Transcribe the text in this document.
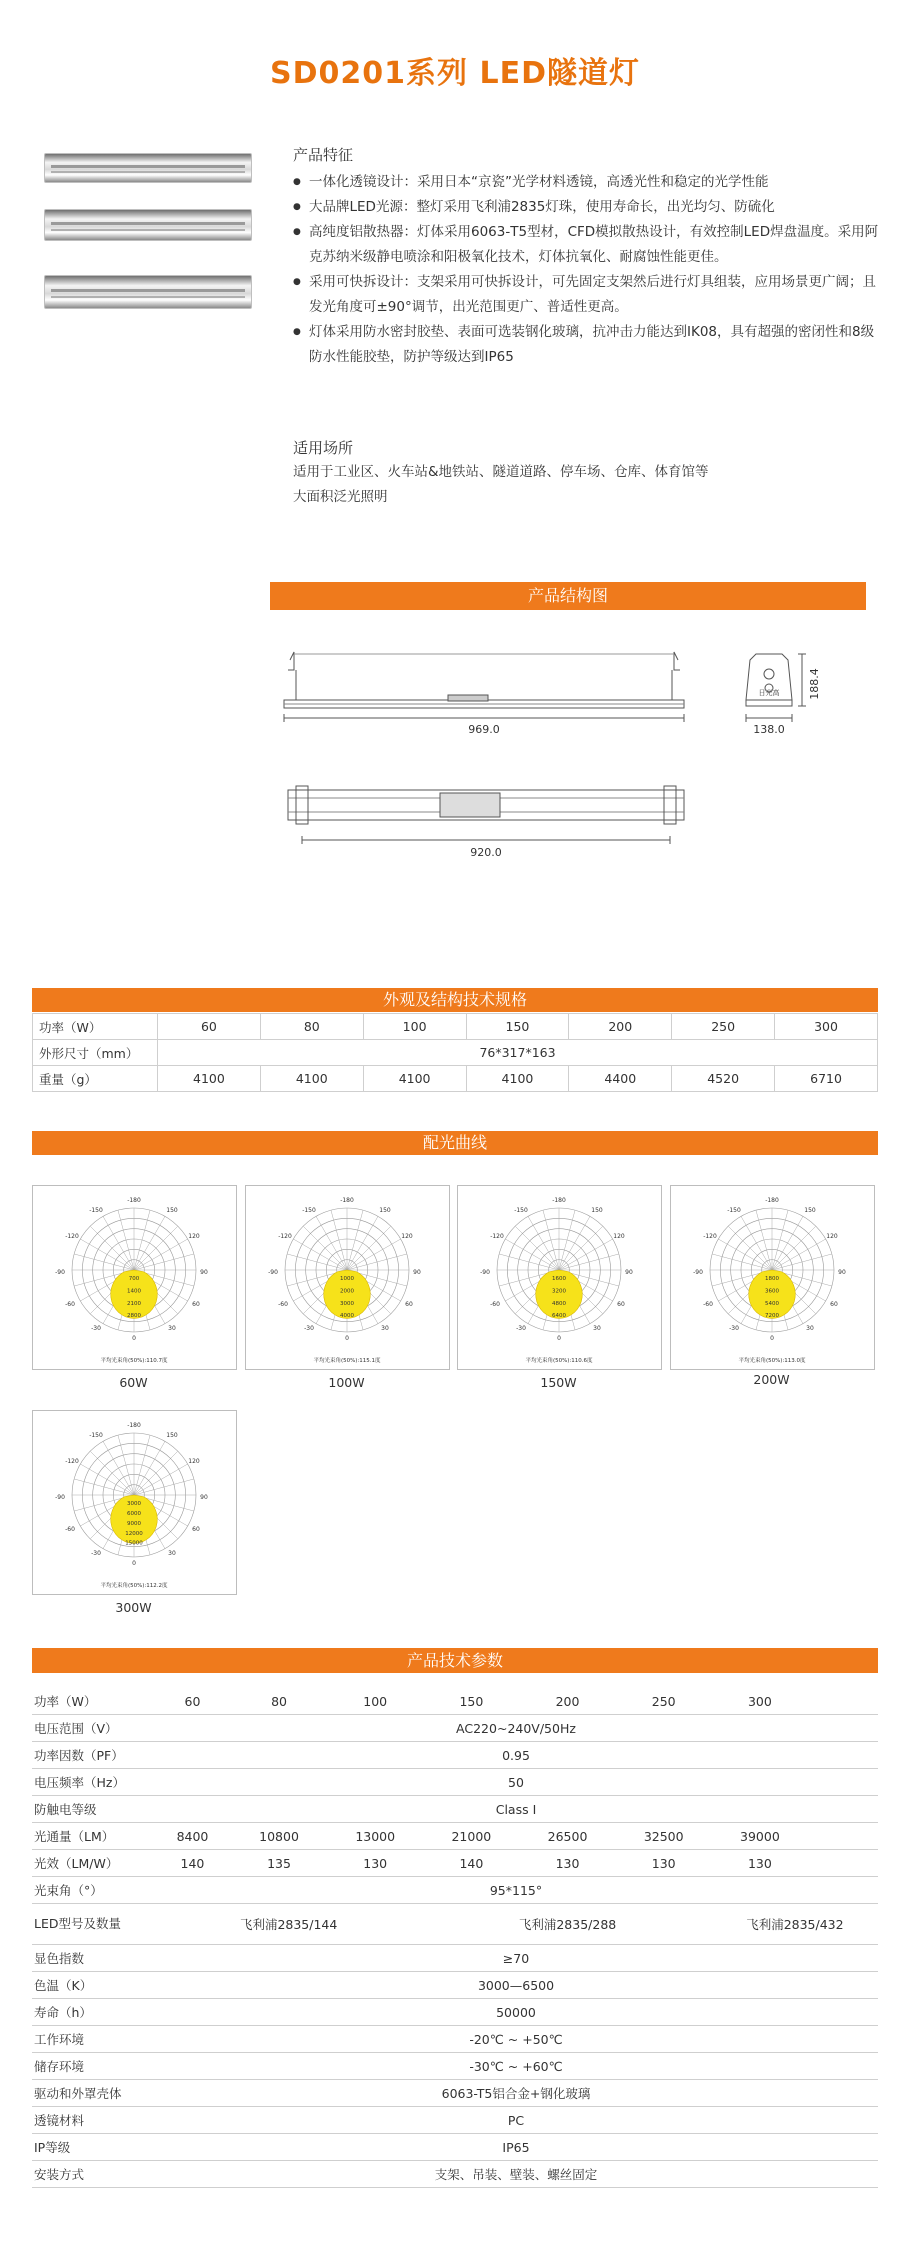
SD0201系列 LED隧道灯
产品特征
● 一体化透镜设计：采用日本“京瓷”光学材料透镜，高透光性和稳定的光学性能
● 大品牌LED光源：整灯采用飞利浦2835灯珠，使用寿命长，出光均匀、防硫化
● 高纯度铝散热器：灯体采用6063-T5型材，CFD模拟散热设计，有效控制LED焊盘温度。采用阿克苏纳米级静电喷涂和阳极氧化技术，灯体抗氧化、耐腐蚀性能更佳。
● 采用可快拆设计：支架采用可快拆设计，可先固定支架然后进行灯具组装，应用场景更广阔；且发光角度可±90°调节，出光范围更广、普适性更高。
● 灯体采用防水密封胶垫、表面可选装钢化玻璃，抗冲击力能达到IK08，具有超强的密闭性和8级防水性能胶垫，防护等级达到IP65
适用场所
适用于工业区、火车站&地铁站、隧道道路、停车场、仓库、体育馆等
大面积泛光照明
产品结构图
969.0	138.0
188.4
920.0
日光高
外观及结构技术规格
功率（W）	60	80	100	150	200	250	300
外形尺寸（mm）	76*317*163						
重量（g）	4100	4100	4100	4100	4400	4520	6710
配光曲线
-180
-150	150
-120	120
-90	90
-60	60
-30	30
0
700
1400
2100
2800
平均光束角(50%):110.7度
60W
-180
-150	150
-120	120
-90	90
-60	60
-30	30
0
1000
2000
3000
4000
平均光束角(50%):115.1度
100W
-180
-150	150
-120	120
-90	90
-60	60
-30	30
0
1600
3200
4800
6400
平均光束角(50%):110.6度
150W
-180
-150	150
-120	120
-90	90
-60	60
-30	30
0
1800
3600
5400
7200
平均光束角(50%):113.0度
200W
-180
-150	150
-120	120
-90	90
-60	60
-30	30
0
3000
6000
9000
12000
15000
平均光束角(50%):112.2度
300W
产品技术参数
功率（W）	60	80	100	150	200	250	300	
电压范围（V）	AC220~240V/50Hz							
功率因数（PF）	0.95							
电压频率（Hz）	50							
防触电等级	Class Ⅰ							
光通量（LM）	8400	10800	13000	21000	26500	32500	39000	
光效（LM/W）	140	135	130	140	130	130	130	
光束角（°）	95*115°							
LED型号及数量	飞利浦2835/144			飞利浦2835/288			飞利浦2835/432	
显色指数	≥70							
色温（K）	3000—6500							
寿命（h）	50000							
工作环境	-20℃ ~ +50℃							
储存环境	-30℃ ~ +60℃							
驱动和外罩壳体	6063-T5铝合金+钢化玻璃							
透镜材料	PC							
IP等级	IP65							
安装方式	支架、吊装、壁装、螺丝固定							
